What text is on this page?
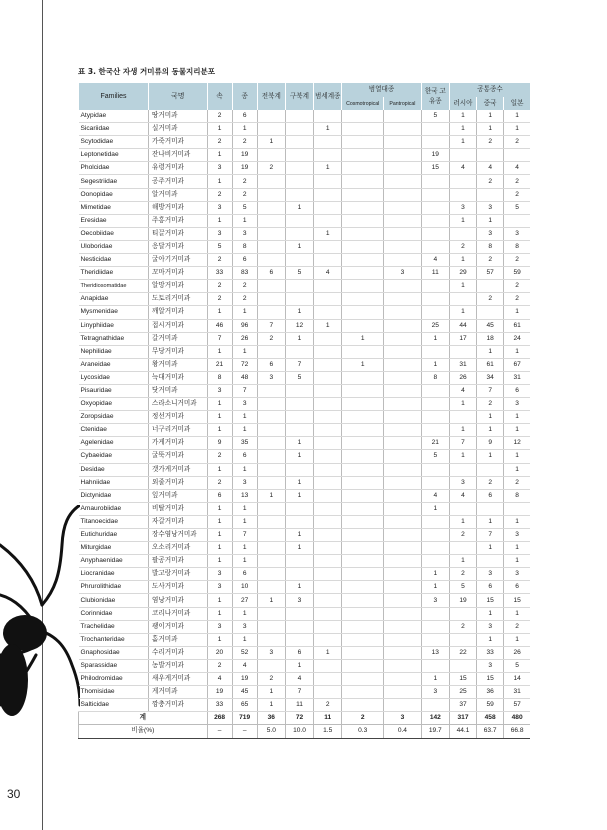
표 3. 한국산 자생 거미류의 동물지리분포
Families	국명	속	종	전북계	구북계	범세계종	범열대종		한국 고유종	공통종수		
							Cosmotropical	Pantropical		러시아	중국	일본
Atypidae	땅거미과	2	6						5	1	1	1
Sicariidae	실거미과	1	1			1				1	1	1
Scytodidae	가죽거미과	2	2	1						1	2	2
Leptonetidae	잔나비거미과	1	19						19			
Pholcidae	유령거미과	3	19	2		1			15	4	4	4
Segestriidae	공주거미과	1	2								2	2
Oonopidae	알거미과	2	2									2
Mimetidae	해방거미과	3	5		1					3	3	5
Eresidae	주홍거미과	1	1							1	1	
Oecobiidae	티끌거미과	3	3			1					3	3
Uloboridae	응달거미과	5	8		1					2	8	8
Nesticidae	굴아기거미과	2	6						4	1	2	2
Theridiidae	꼬마거미과	33	83	6	5	4		3	11	29	57	59
Theridiosomatidae	알망거미과	2	2							1		2
Anapidae	도토리거미과	2	2								2	2
Mysmenidae	깨알거미과	1	1		1					1		1
Linyphiidae	접시거미과	46	96	7	12	1			25	44	45	61
Tetragnathidae	갈거미과	7	26	2	1		1		1	17	18	24
Nephilidae	무당거미과	1	1								1	1
Araneidae	왕거미과	21	72	6	7		1		1	31	61	67
Lycosidae	늑대거미과	8	48	3	5				8	26	34	31
Pisauridae	닷거미과	3	7							4	7	6
Oxyopidae	스라소니거미과	1	3							1	2	3
Zoropsidae	정선거미과	1	1								1	1
Ctenidae	너구리거미과	1	1							1	1	1
Agelenidae	가게거미과	9	35		1				21	7	9	12
Cybaeidae	굴뚝거미과	2	6		1				5	1	1	1
Desidae	갯가게거미과	1	1									1
Hahniidae	외줄거미과	2	3		1					3	2	2
Dictynidae	잎거미과	6	13	1	1				4	4	6	8
Amaurobiidae	비탈거미과	1	1						1			
Titanoecidae	자갈거미과	1	1							1	1	1
Eutichuridae	장수염낭거미과	1	7		1					2	7	3
Miturgidae	오소리거미과	1	1		1						1	1
Anyphaenidae	팔공거미과	1	1							1		1
Liocranidae	발고랑거미과	3	6						1	2	3	3
Phrurolithidae	도사거미과	3	10		1				1	5	6	6
Clubionidae	염낭거미과	1	27	1	3				3	19	15	15
Corinnidae	코리나거미과	1	1								1	1
Trachelidae	괭이거미과	3	3							2	3	2
Trochanteridae	홑거미과	1	1								1	1
Gnaphosidae	수리거미과	20	52	3	6	1			13	22	33	26
Sparassidae	농발거미과	2	4		1						3	5
Philodromidae	새우게거미과	4	19	2	4				1	15	15	14
Thomisidae	게거미과	19	45	1	7				3	25	36	31
Salticidae	깡충거미과	33	65	1	11	2				37	59	57
계		268	719	36	72	11	2	3	142	317	458	480
비율(%)		–	–	5.0	10.0	1.5	0.3	0.4	19.7	44.1	63.7	66.8
30
